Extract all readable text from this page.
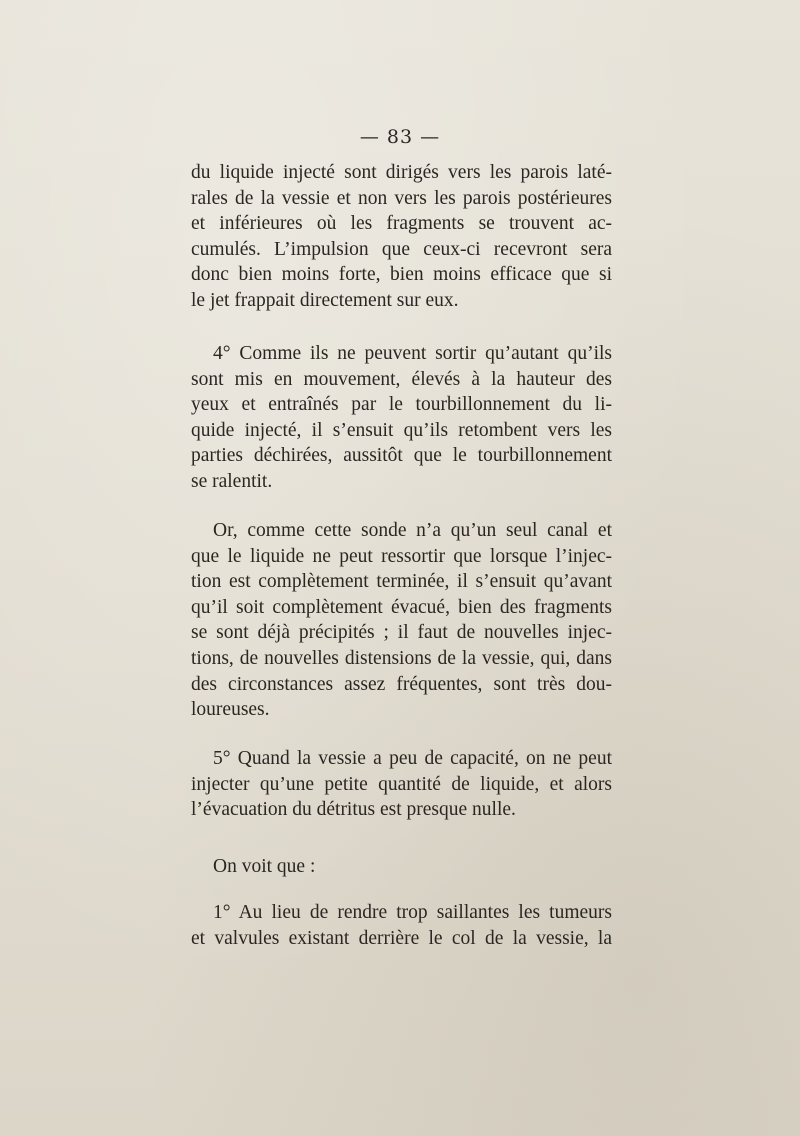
— 83 —
du liquide injecté sont dirigés vers les parois laté-
rales de la vessie et non vers les parois postérieures
et inférieures où les fragments se trouvent ac-
cumulés. L’impulsion que ceux-ci recevront sera
donc bien moins forte, bien moins efficace que si
le jet frappait directement sur eux.
4° Comme ils ne peuvent sortir qu’autant qu’ils
sont mis en mouvement, élevés à la hauteur des
yeux et entraînés par le tourbillonnement du li-
quide injecté, il s’ensuit qu’ils retombent vers les
parties déchirées, aussitôt que le tourbillonnement
se ralentit.
Or, comme cette sonde n’a qu’un seul canal et
que le liquide ne peut ressortir que lorsque l’injec-
tion est complètement terminée, il s’ensuit qu’avant
qu’il soit complètement évacué, bien des fragments
se sont déjà précipités ; il faut de nouvelles injec-
tions, de nouvelles distensions de la vessie, qui, dans
des circonstances assez fréquentes, sont très dou-
loureuses.
5° Quand la vessie a peu de capacité, on ne peut
injecter qu’une petite quantité de liquide, et alors
l’évacuation du détritus est presque nulle.
On voit que :
1° Au lieu de rendre trop saillantes les tumeurs
et valvules existant derrière le col de la vessie, la
